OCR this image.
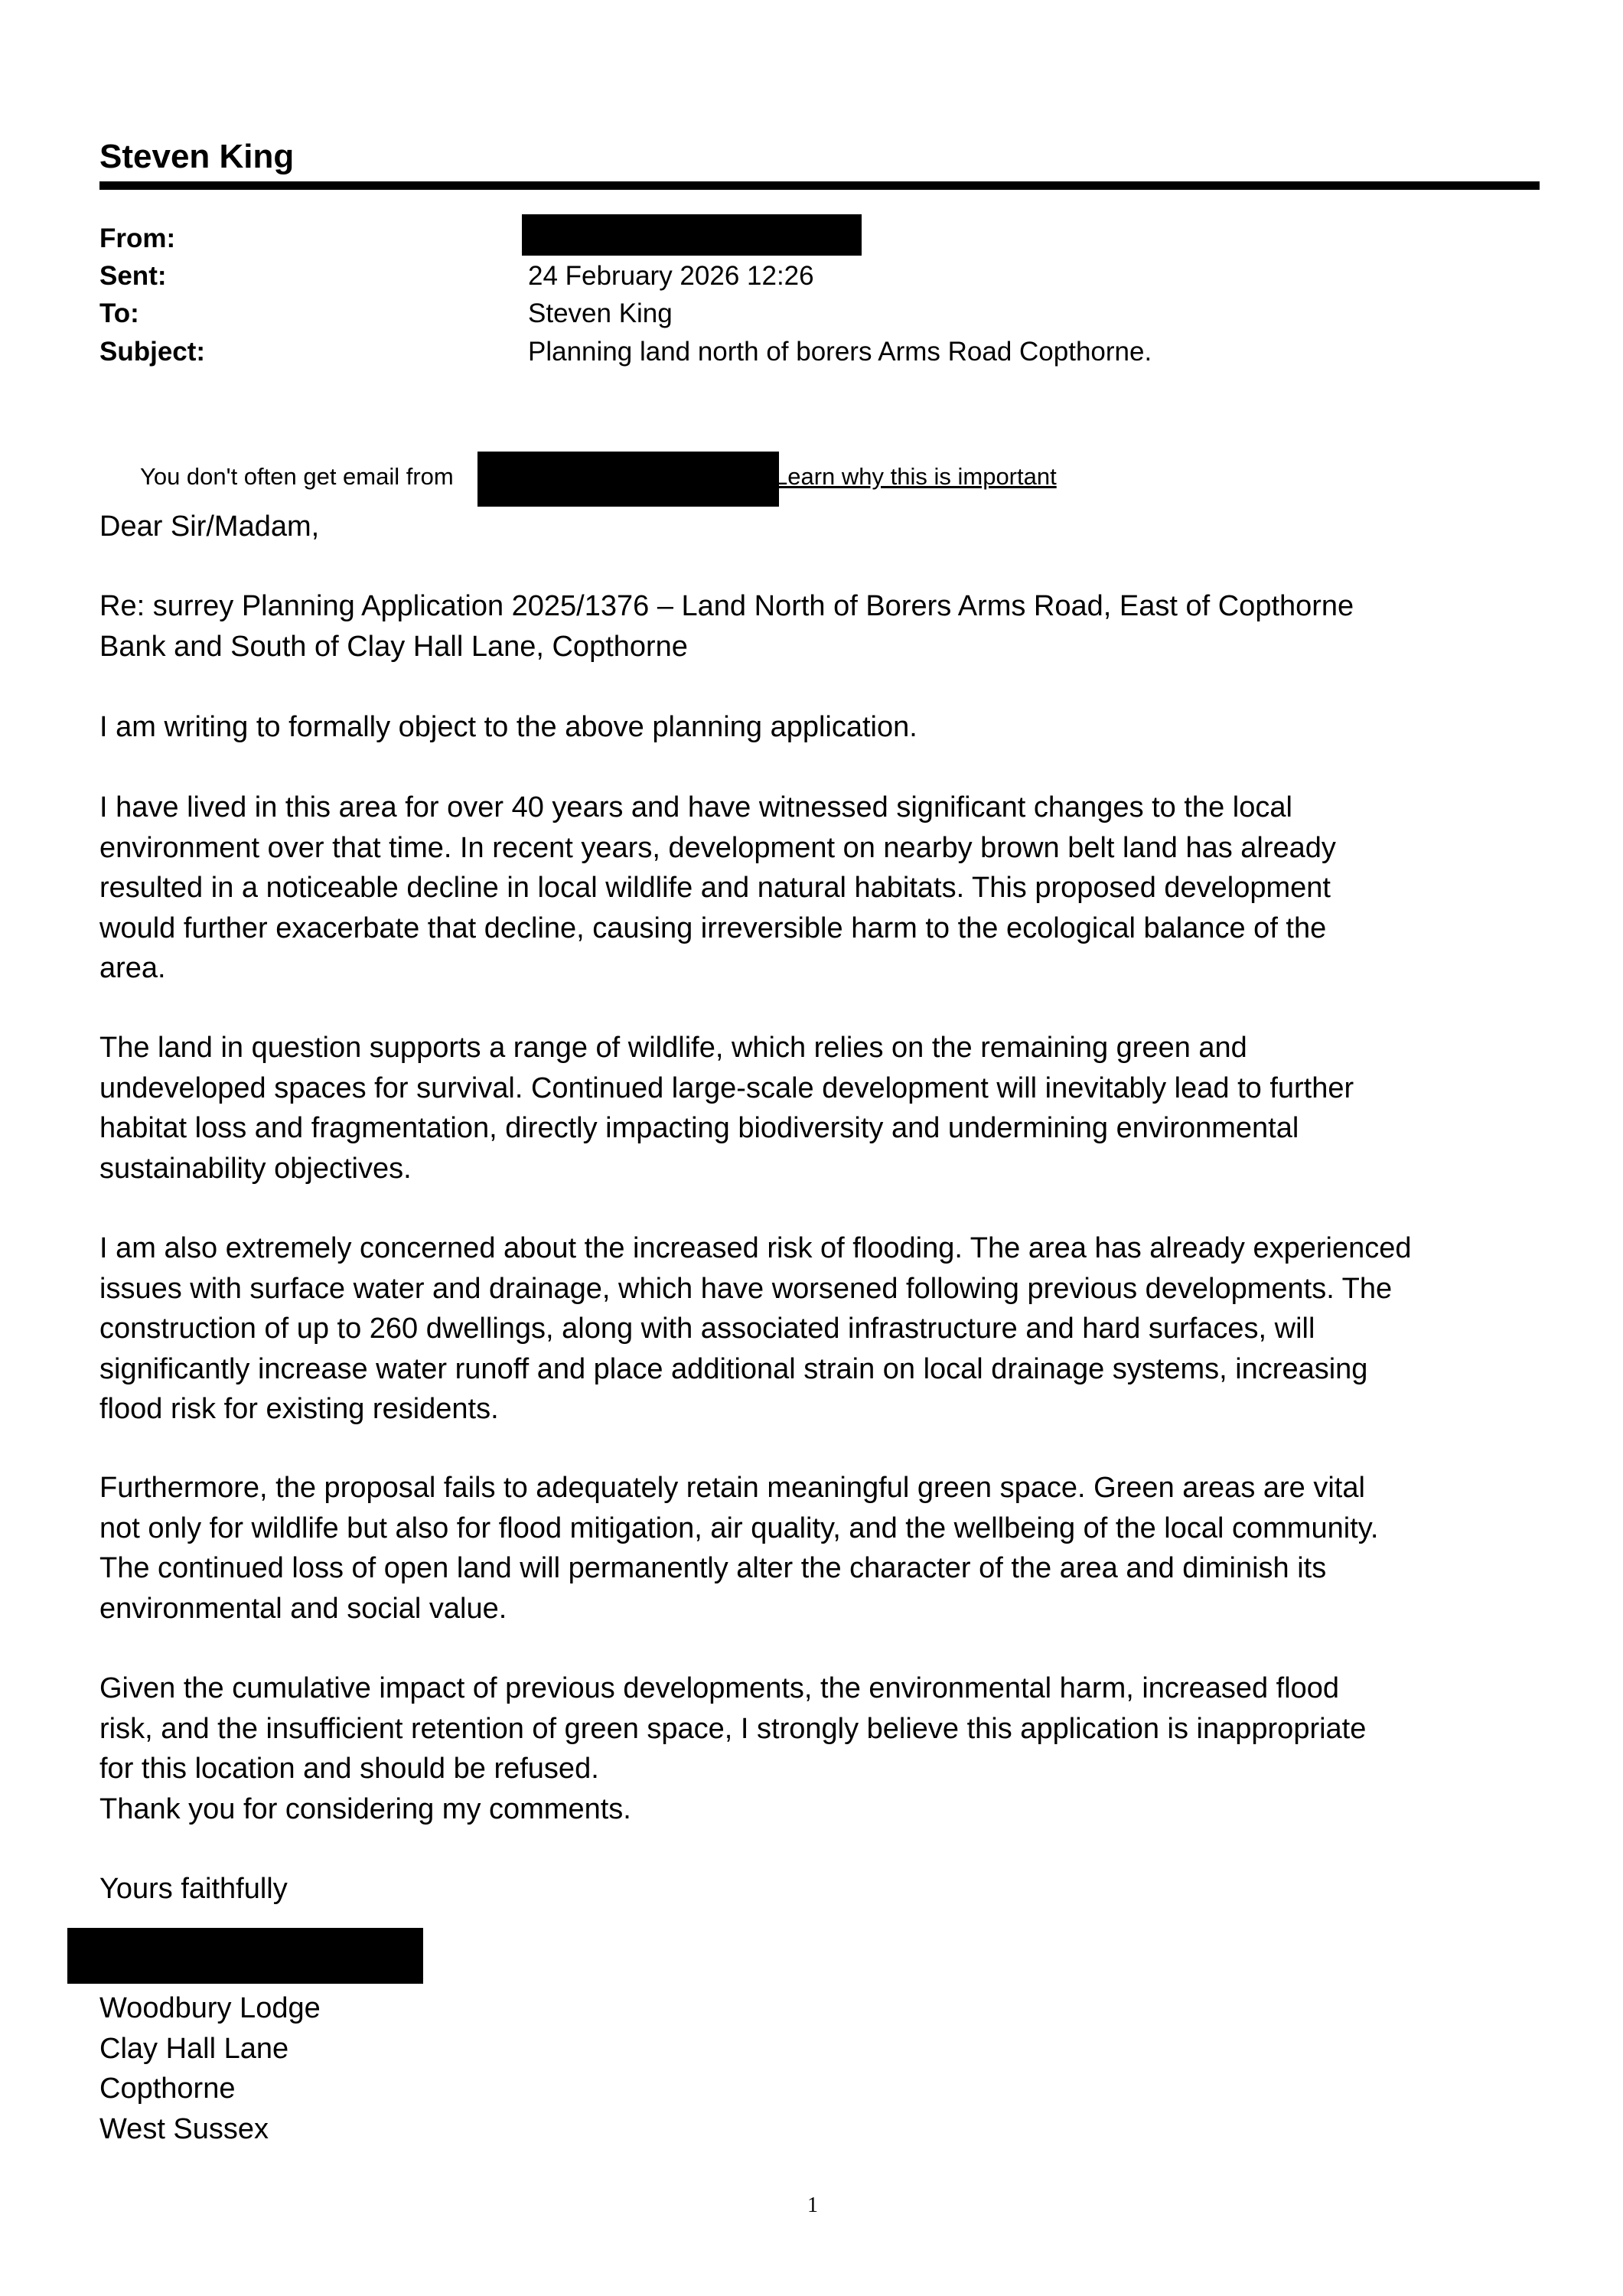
Steven King
From:
Sent:	24 February 2026 12:26
To:	Steven King
Subject:	Planning land north of borers Arms Road Copthorne.
You don't often get email from	Learn why this is important

Dear Sir/Madam,

Re: surrey Planning Application 2025/1376 – Land North of Borers Arms Road, East of Copthorne
Bank and South of Clay Hall Lane, Copthorne

I am writing to formally object to the above planning application.

I have lived in this area for over 40 years and have witnessed significant changes to the local
environment over that time. In recent years, development on nearby brown belt land has already
resulted in a noticeable decline in local wildlife and natural habitats. This proposed development
would further exacerbate that decline, causing irreversible harm to the ecological balance of the
area.

The land in question supports a range of wildlife, which relies on the remaining green and
undeveloped spaces for survival. Continued large-scale development will inevitably lead to further
habitat loss and fragmentation, directly impacting biodiversity and undermining environmental
sustainability objectives.

I am also extremely concerned about the increased risk of flooding. The area has already experienced
issues with surface water and drainage, which have worsened following previous developments. The
construction of up to 260 dwellings, along with associated infrastructure and hard surfaces, will
significantly increase water runoff and place additional strain on local drainage systems, increasing
flood risk for existing residents.

Furthermore, the proposal fails to adequately retain meaningful green space. Green areas are vital
not only for wildlife but also for flood mitigation, air quality, and the wellbeing of the local community.
The continued loss of open land will permanently alter the character of the area and diminish its
environmental and social value.

Given the cumulative impact of previous developments, the environmental harm, increased flood
risk, and the insufficient retention of green space, I strongly believe this application is inappropriate
for this location and should be refused.
Thank you for considering my comments.

Yours faithfully

Woodbury Lodge
Clay Hall Lane
Copthorne
West Sussex

1
